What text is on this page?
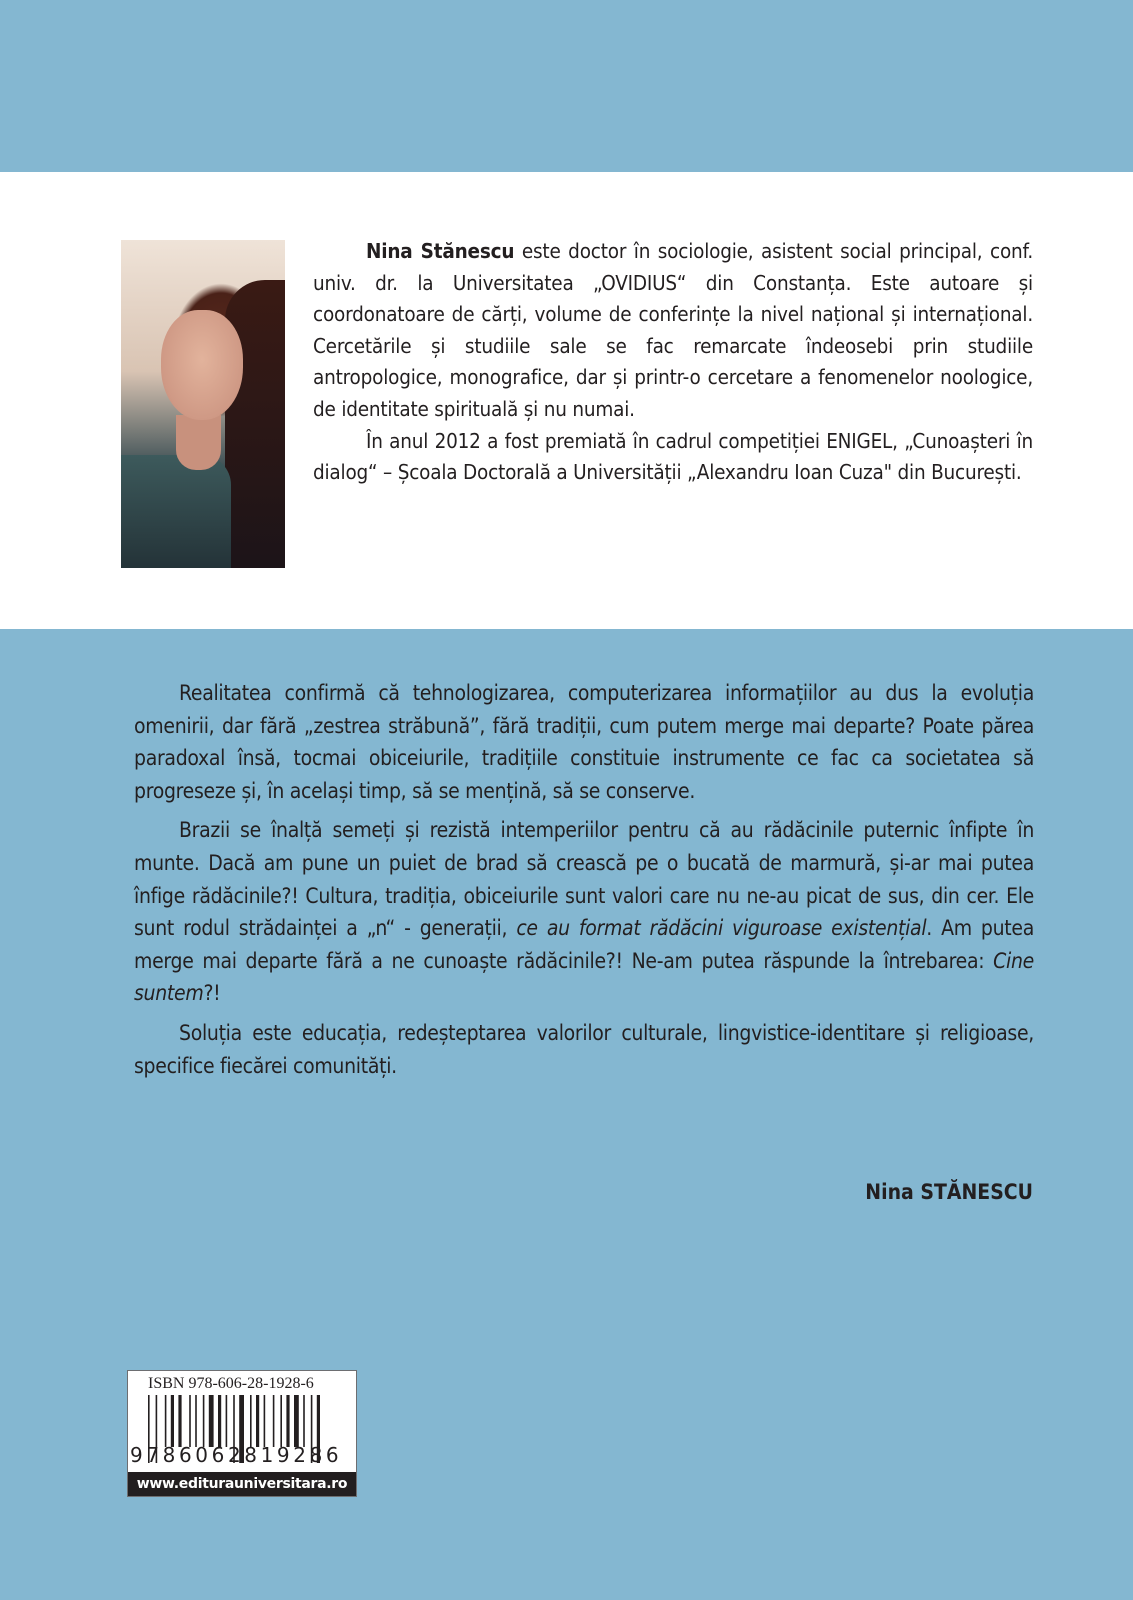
Nina Stănescu este doctor în sociologie, asistent social principal, conf. univ. dr. la Universitatea „OVIDIUS“ din Constanța. Este autoare și coordonatoare de cărți, volume de conferințe la nivel național și internațional. Cercetările și studiile sale se fac remarcate îndeosebi prin studiile antropologice, monografice, dar și printr-o cercetare a fenomenelor noologice, de identitate spirituală și nu numai.

În anul 2012 a fost premiată în cadrul competiției ENIGEL, „Cunoașteri în dialog“ – Școala Doctorală a Universității „Alexandru Ioan Cuza" din București.

Realitatea confirmă că tehnologizarea, computerizarea informațiilor au dus la evoluția omenirii, dar fără „zestrea străbună”, fără tradiții, cum putem merge mai departe? Poate părea paradoxal însă, tocmai obiceiurile, tradițiile constituie instrumente ce fac ca societatea să progreseze și, în același timp, să se mențină, să se conserve.

Brazii se înalță semeți și rezistă intemperiilor pentru că au rădăcinile puternic înfipte în munte. Dacă am pune un puiet de brad să crească pe o bucată de marmură, și-ar mai putea înfige rădăcinile?! Cultura, tradiția, obiceiurile sunt valori care nu ne-au picat de sus, din cer. Ele sunt rodul strădainței a „n“ - generații, ce au format rădăcini viguroase existențial. Am putea merge mai departe fără a ne cunoaște rădăcinile?! Ne-am putea răspunde la întrebarea: Cine suntem?!

Soluția este educația, redeșteptarea valorilor culturale, lingvistice-identitare și religioase, specifice fiecărei comunități.

Nina STĂNESCU
ISBN 978-606-28-1928-6
9786062819286
www.editurauniversitara.ro
